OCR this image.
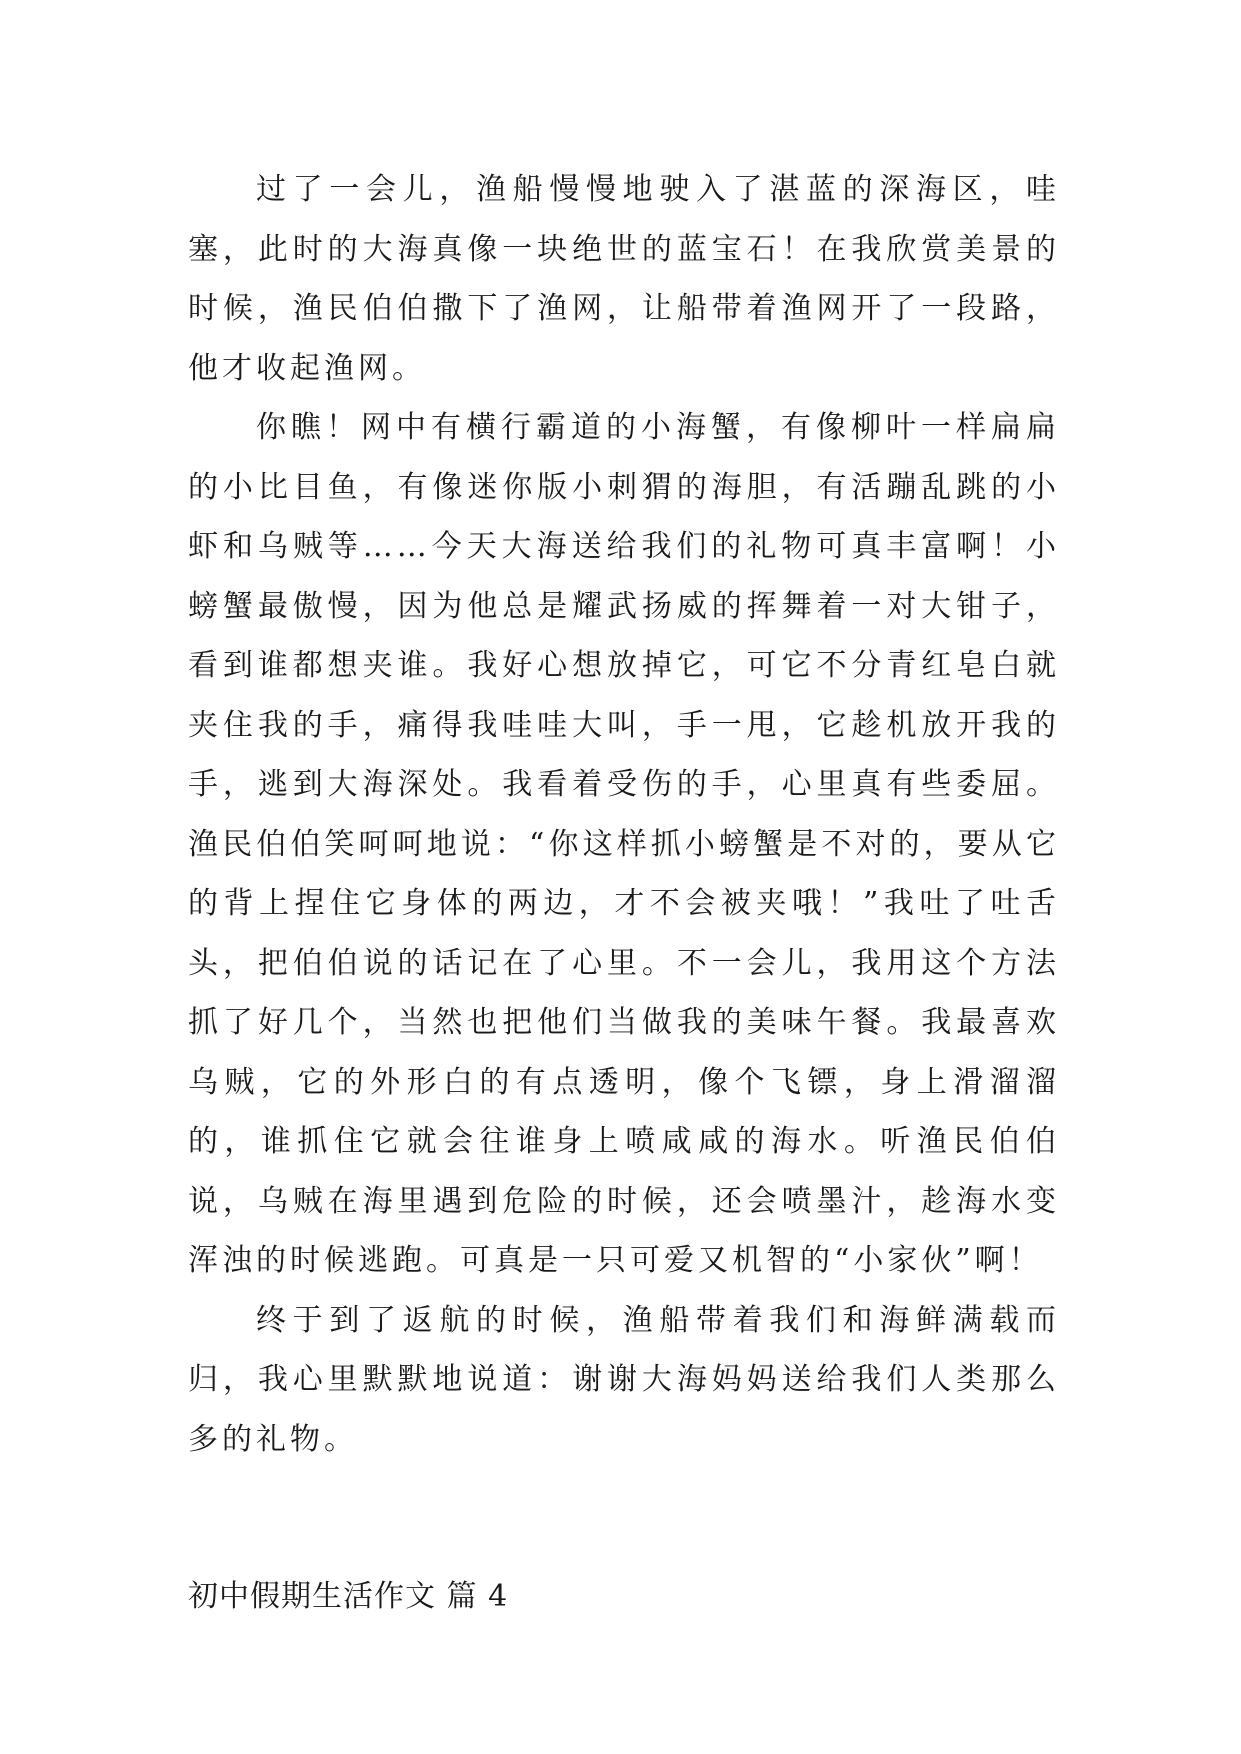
过了一会儿，渔船慢慢地驶入了湛蓝的深海区，哇塞，此时的大海真像一块绝世的蓝宝石！在我欣赏美景的时候，渔民伯伯撒下了渔网，让船带着渔网开了一段路，他才收起渔网。

你瞧！网中有横行霸道的小海蟹，有像柳叶一样扁扁的小比目鱼，有像迷你版小刺猬的海胆，有活蹦乱跳的小虾和乌贼等……今天大海送给我们的礼物可真丰富啊！小螃蟹最傲慢，因为他总是耀武扬威的挥舞着一对大钳子，看到谁都想夹谁。我好心想放掉它，可它不分青红皂白就夹住我的手，痛得我哇哇大叫，手一甩，它趁机放开我的手，逃到大海深处。我看着受伤的手，心里真有些委屈。渔民伯伯笑呵呵地说：“你这样抓小螃蟹是不对的，要从它的背上捏住它身体的两边，才不会被夹哦！”我吐了吐舌头，把伯伯说的话记在了心里。不一会儿，我用这个方法抓了好几个，当然也把他们当做我的美味午餐。我最喜欢乌贼，它的外形白的有点透明，像个飞镖，身上滑溜溜的，谁抓住它就会往谁身上喷咸咸的海水。听渔民伯伯说，乌贼在海里遇到危险的时候，还会喷墨汁，趁海水变浑浊的时候逃跑。可真是一只可爱又机智的“小家伙”啊！

终于到了返航的时候，渔船带着我们和海鲜满载而归，我心里默默地说道：谢谢大海妈妈送给我们人类那么多的礼物。

初中假期生活作文 篇 4
